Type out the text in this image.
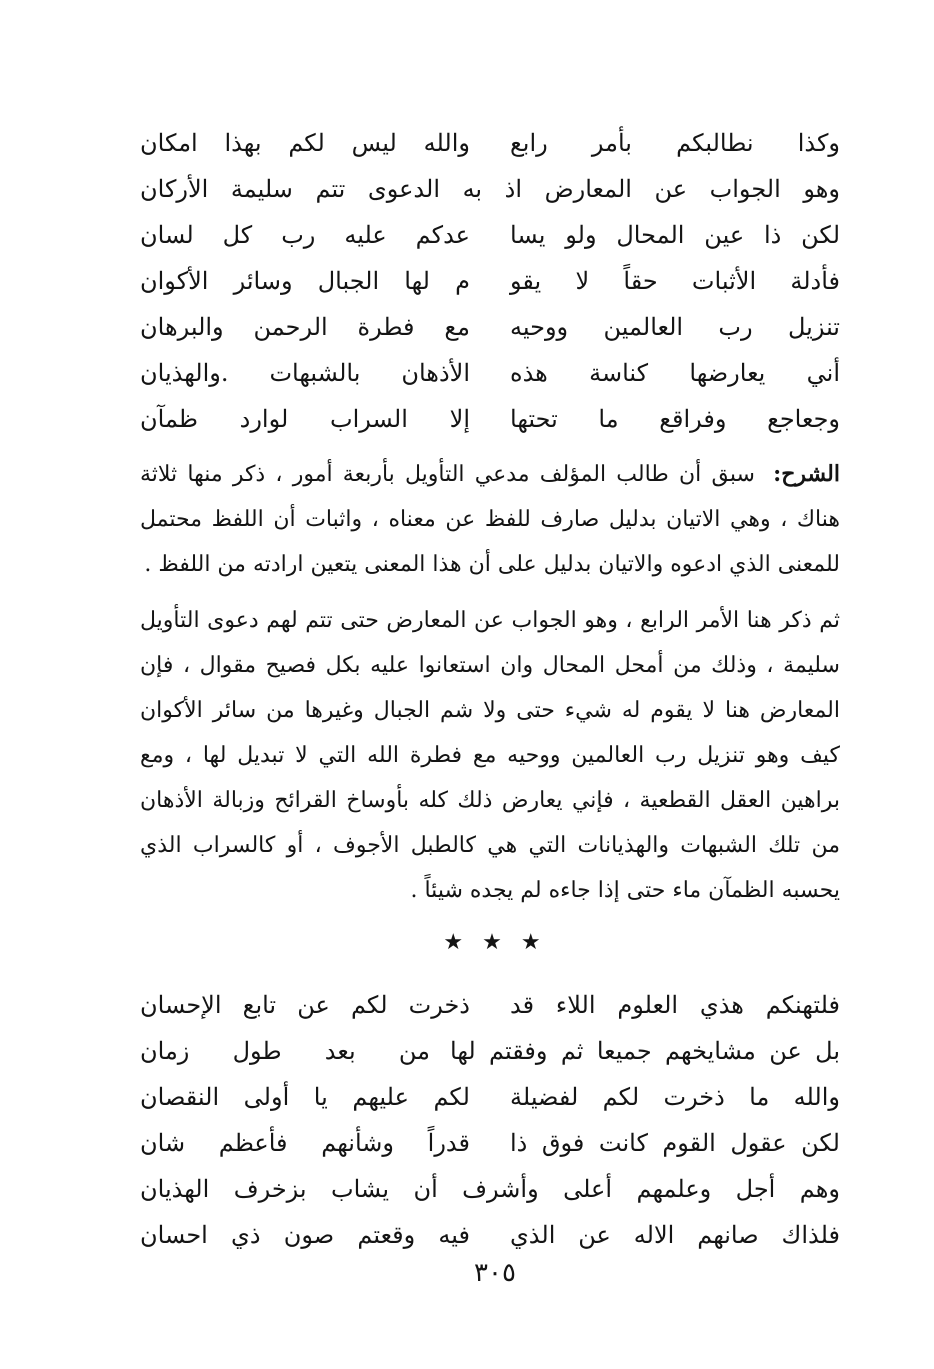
وكذا نطالبكم بأمر رابع
والله ليس لكم بهذا امكان
وهو الجواب عن المعارض اذ به الدعوى تتم سليمة الأركان
لكن ذا عين المحال ولو يسا
عدكم عليه رب كل لسان
فأدلة الأثبات حقاً لا يقو
م لها الجبال وسائر الأكوان
تنزيل رب العالمين ووحيه
مع فطرة الرحمن والبرهان
أني يعارضها كناسة هذه
الأذهان بالشبهات .والهذيان
وجعاجع وفراقع ما تحتها
إلا السراب لوارد ظمآن

الشرح: سبق أن طالب المؤلف مدعي التأويل بأربعة أمور ، ذكر منها ثلاثة هناك ، وهي الاتيان بدليل صارف للفظ عن معناه ، واثبات أن اللفظ محتمل للمعنى الذي ادعوه والاتيان بدليل على أن هذا المعنى يتعين ارادته من اللفظ .

ثم ذكر هنا الأمر الرابع ، وهو الجواب عن المعارض حتى تتم لهم دعوى التأويل سليمة ، وذلك من أمحل المحال وان استعانوا عليه بكل فصيح مقوال ، فإن المعارض هنا لا يقوم له شيء حتى ولا شم الجبال وغيرها من سائر الأكوان كيف وهو تنزيل رب العالمين ووحيه مع فطرة الله التي لا تبديل لها ، ومع براهين العقل القطعية ، فإني يعارض ذلك كله بأوساخ القرائح وزبالة الأذهان من تلك الشبهات والهذيانات التي هي كالطبل الأجوف ، أو كالسراب الذي يحسبه الظمآن ماء حتى إذا جاءه لم يجده شيئاً .

★ ★ ★
فلتهنكم هذي العلوم اللاء قد
ذخرت لكم عن تابع الإحسان
بل عن مشايخهم جميعا ثم وفقتم لها
من بعد طول زمان
والله ما ذخرت لكم لفضيلة
لكم عليهم يا أولى النقصان
لكن عقول القوم كانت فوق ذا
قدراً وشأنهم فأعظم شان
وهم أجل وعلمهم أعلى وأشرف أن يشاب بزخرف الهذيان
فلذاك صانهم الاله عن الذي
فيه وقعتم صون ذي احسان
٣٠٥
